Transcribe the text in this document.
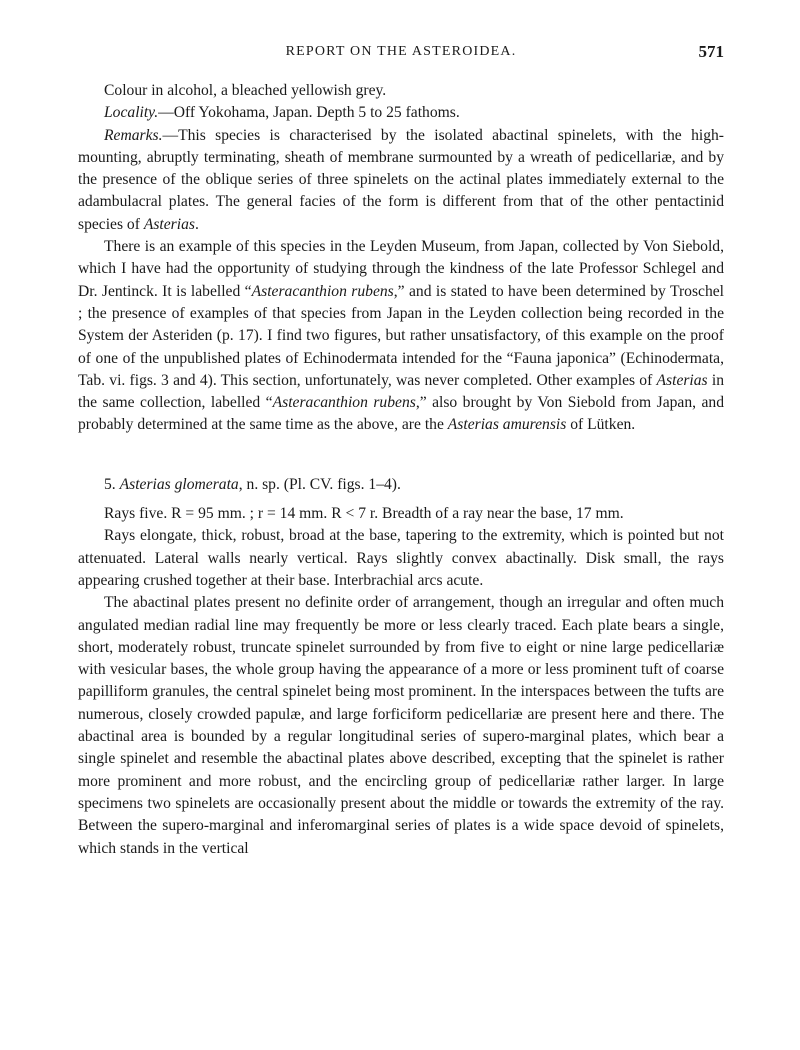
REPORT ON THE ASTEROIDEA.	571

Colour in alcohol, a bleached yellowish grey.

Locality.—Off Yokohama, Japan. Depth 5 to 25 fathoms.

Remarks.—This species is characterised by the isolated abactinal spinelets, with the high-mounting, abruptly terminating, sheath of membrane surmounted by a wreath of pedicellariæ, and by the presence of the oblique series of three spinelets on the actinal plates immediately external to the adambulacral plates. The general facies of the form is different from that of the other pentactinid species of Asterias.

There is an example of this species in the Leyden Museum, from Japan, collected by Von Siebold, which I have had the opportunity of studying through the kindness of the late Professor Schlegel and Dr. Jentinck. It is labelled “Asteracanthion rubens,” and is stated to have been determined by Troschel ; the presence of examples of that species from Japan in the Leyden collection being recorded in the System der Asteriden (p. 17). I find two figures, but rather unsatisfactory, of this example on the proof of one of the unpublished plates of Echinodermata intended for the “Fauna japonica” (Echinodermata, Tab. vi. figs. 3 and 4). This section, unfortunately, was never completed. Other examples of Asterias in the same collection, labelled “Asteracanthion rubens,” also brought by Von Siebold from Japan, and probably determined at the same time as the above, are the Asterias amurensis of Lütken.

5. Asterias glomerata, n. sp. (Pl. CV. figs. 1–4).

Rays five. R = 95 mm. ; r = 14 mm. R < 7 r. Breadth of a ray near the base, 17 mm.

Rays elongate, thick, robust, broad at the base, tapering to the extremity, which is pointed but not attenuated. Lateral walls nearly vertical. Rays slightly convex abactinally. Disk small, the rays appearing crushed together at their base. Interbrachial arcs acute.

The abactinal plates present no definite order of arrangement, though an irregular and often much angulated median radial line may frequently be more or less clearly traced. Each plate bears a single, short, moderately robust, truncate spinelet surrounded by from five to eight or nine large pedicellariæ with vesicular bases, the whole group having the appearance of a more or less prominent tuft of coarse papilliform granules, the central spinelet being most prominent. In the interspaces between the tufts are numerous, closely crowded papulæ, and large forficiform pedicellariæ are present here and there. The abactinal area is bounded by a regular longitudinal series of supero-marginal plates, which bear a single spinelet and resemble the abactinal plates above described, excepting that the spinelet is rather more prominent and more robust, and the encircling group of pedicellariæ rather larger. In large specimens two spinelets are occasionally present about the middle or towards the extremity of the ray. Between the supero-marginal and inferomarginal series of plates is a wide space devoid of spinelets, which stands in the vertical
